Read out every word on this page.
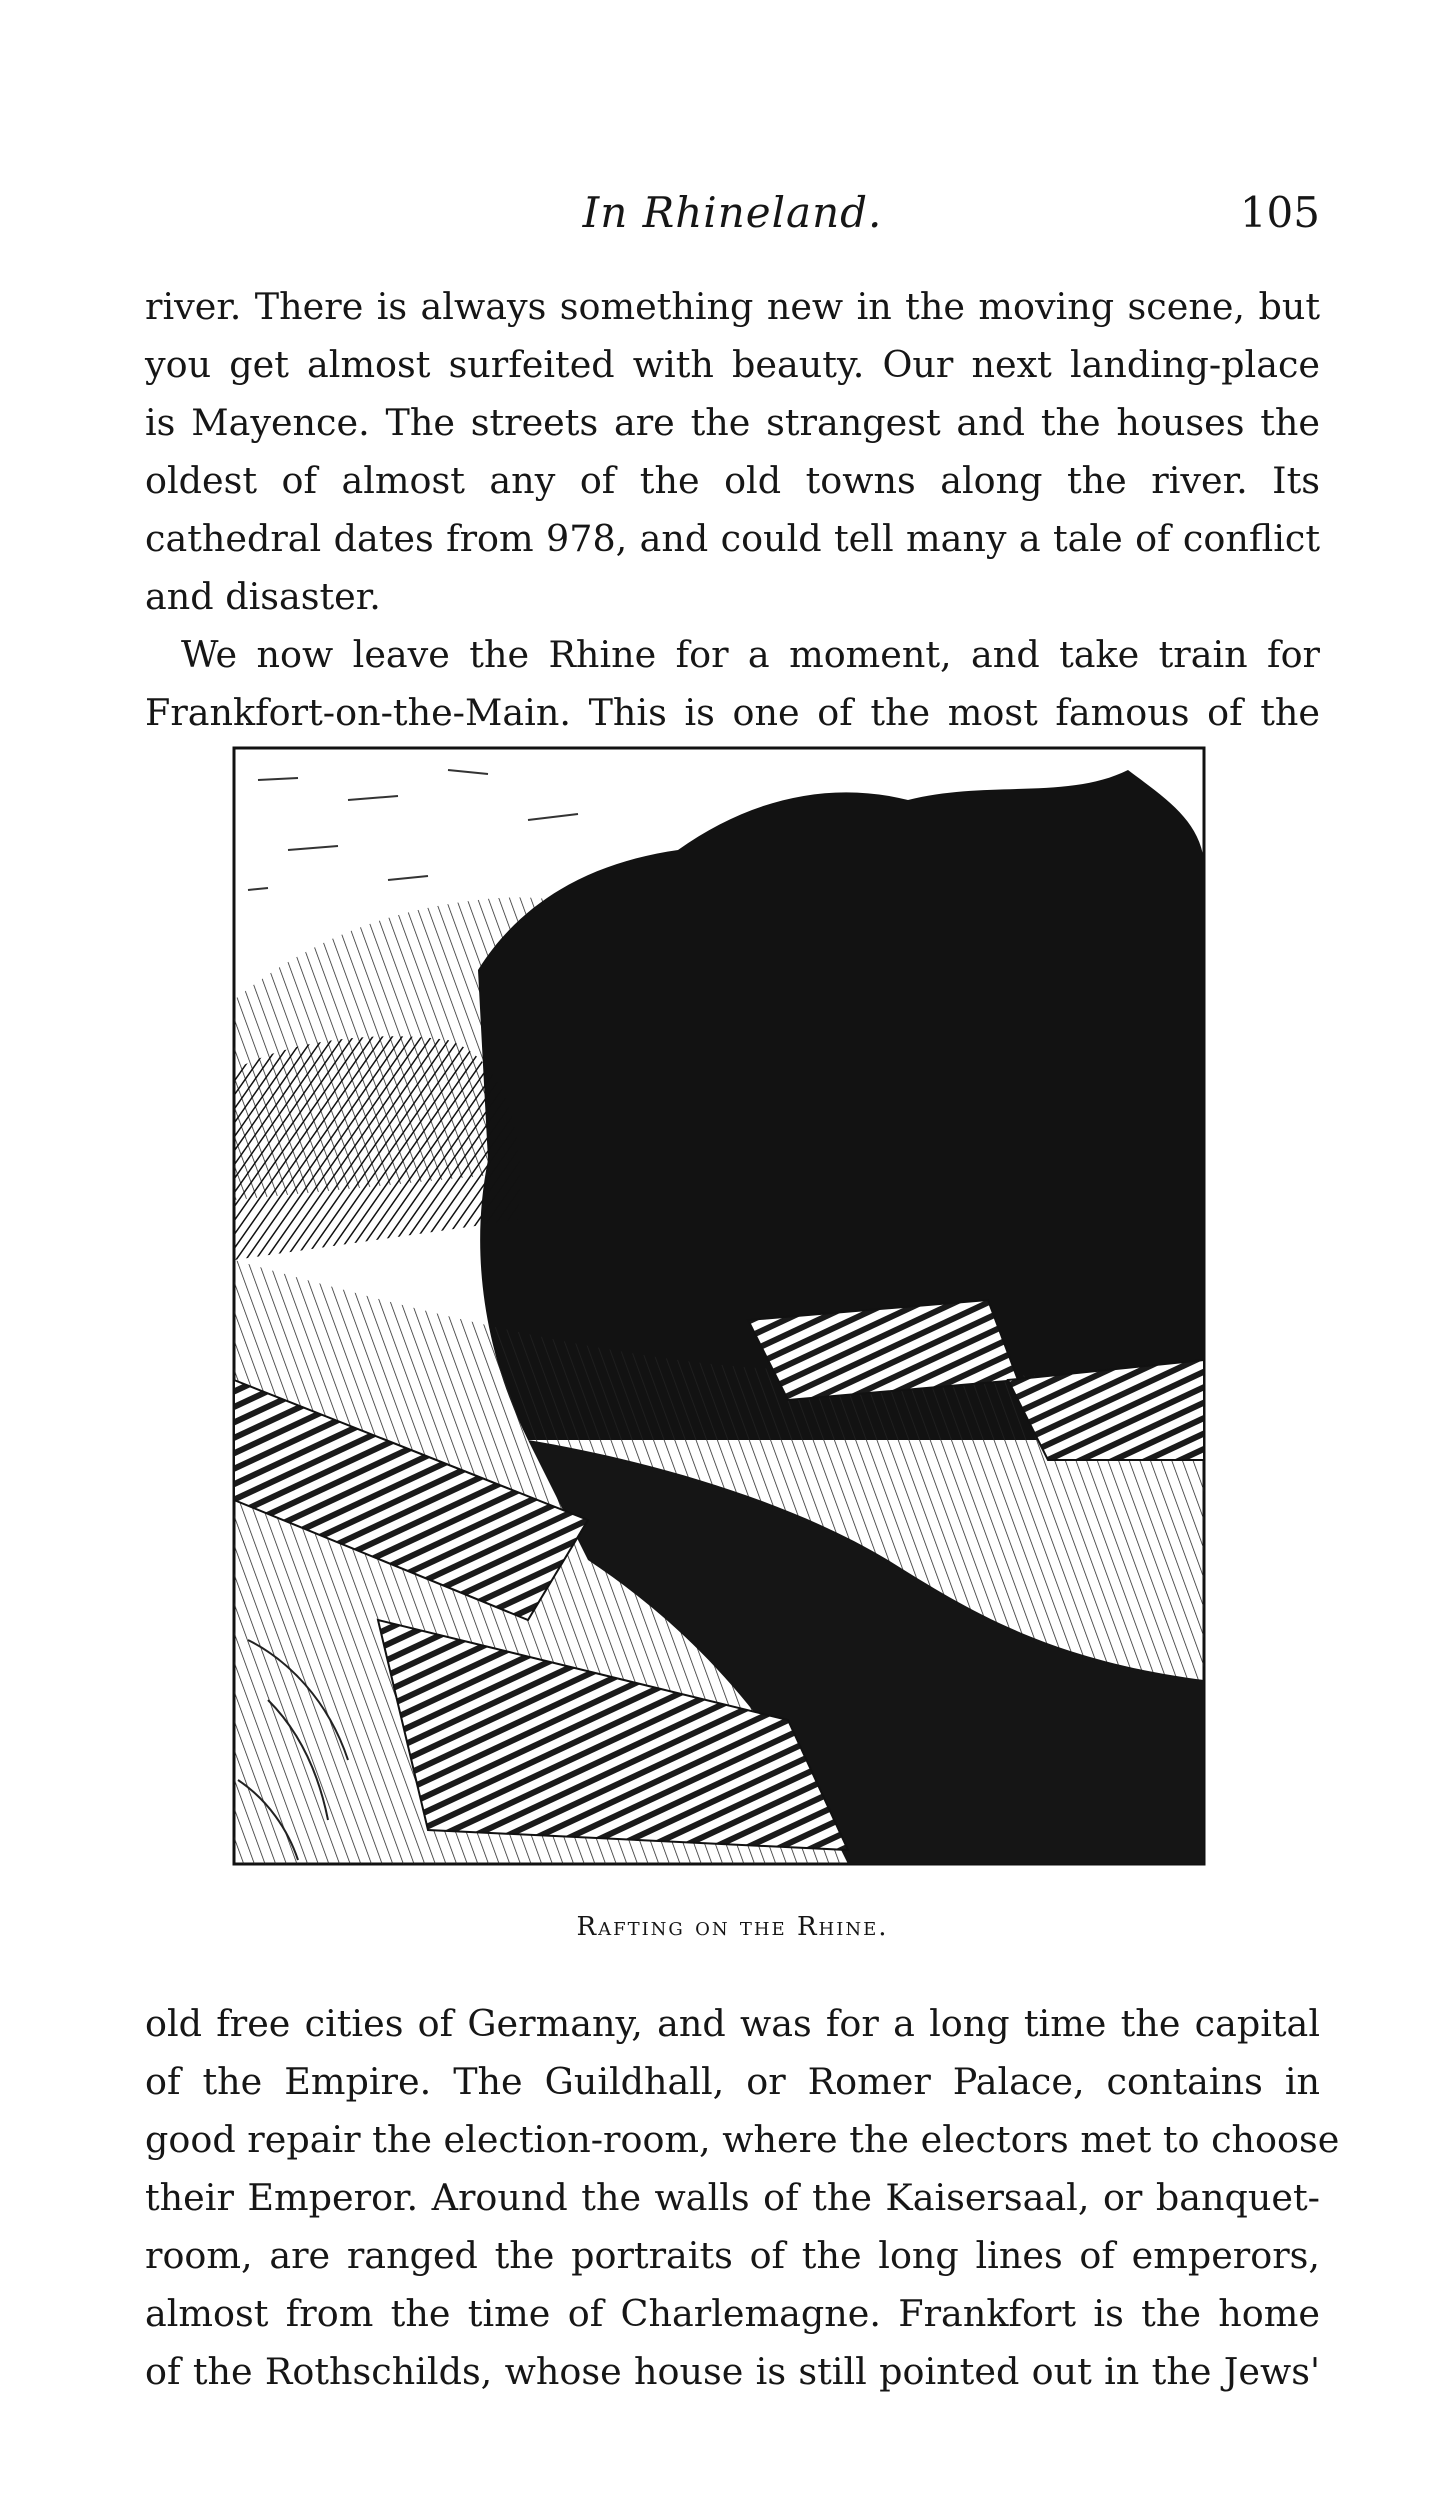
In Rhineland.	105
river. There is always something new in the moving scene, but
you get almost surfeited with beauty. Our next landing-place
is Mayence. The streets are the strangest and the houses the
oldest of almost any of the old towns along the river. Its
cathedral dates from 978, and could tell many a tale of conflict
and disaster.
We now leave the Rhine for a moment, and take train for
Frankfort-on-the-Main. This is one of the most famous of the
Rafting on the Rhine.
old free cities of Germany, and was for a long time the capital
of the Empire. The Guildhall, or Romer Palace, contains in
good repair the election-room, where the electors met to choose
their Emperor. Around the walls of the Kaisersaal, or banquet-
room, are ranged the portraits of the long lines of emperors,
almost from the time of Charlemagne. Frankfort is the home
of the Rothschilds, whose house is still pointed out in the Jews'
